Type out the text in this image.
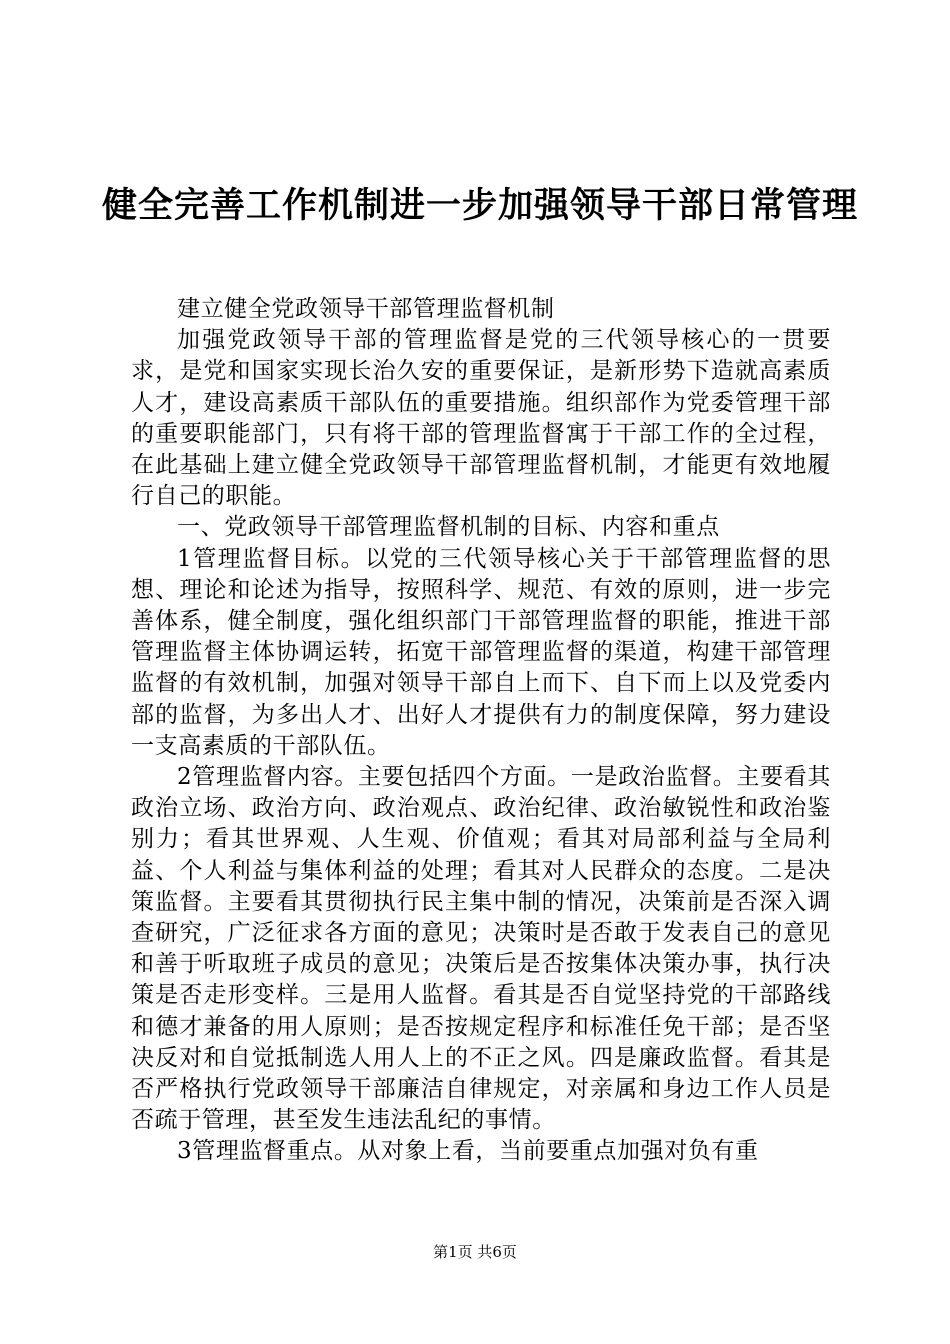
健全完善工作机制进一步加强领导干部日常管理

建立健全党政领导干部管理监督机制

加强党政领导干部的管理监督是党的三代领导核心的一贯要求，是党和国家实现长治久安的重要保证，是新形势下造就高素质人才，建设高素质干部队伍的重要措施。组织部作为党委管理干部的重要职能部门，只有将干部的管理监督寓于干部工作的全过程，在此基础上建立健全党政领导干部管理监督机制，才能更有效地履行自己的职能。

一、党政领导干部管理监督机制的目标、内容和重点

1管理监督目标。以党的三代领导核心关于干部管理监督的思想、理论和论述为指导，按照科学、规范、有效的原则，进一步完善体系，健全制度，强化组织部门干部管理监督的职能，推进干部管理监督主体协调运转，拓宽干部管理监督的渠道，构建干部管理监督的有效机制，加强对领导干部自上而下、自下而上以及党委内部的监督，为多出人才、出好人才提供有力的制度保障，努力建设一支高素质的干部队伍。

2管理监督内容。主要包括四个方面。一是政治监督。主要看其政治立场、政治方向、政治观点、政治纪律、政治敏锐性和政治鉴别力；看其世界观、人生观、价值观；看其对局部利益与全局利益、个人利益与集体利益的处理；看其对人民群众的态度。二是决策监督。主要看其贯彻执行民主集中制的情况，决策前是否深入调查研究，广泛征求各方面的意见；决策时是否敢于发表自己的意见和善于听取班子成员的意见；决策后是否按集体决策办事，执行决策是否走形变样。三是用人监督。看其是否自觉坚持党的干部路线和德才兼备的用人原则；是否按规定程序和标准任免干部；是否坚决反对和自觉抵制选人用人上的不正之风。四是廉政监督。看其是否严格执行党政领导干部廉洁自律规定，对亲属和身边工作人员是否疏于管理，甚至发生违法乱纪的事情。

3管理监督重点。从对象上看，当前要重点加强对负有重

第1页 共6页
